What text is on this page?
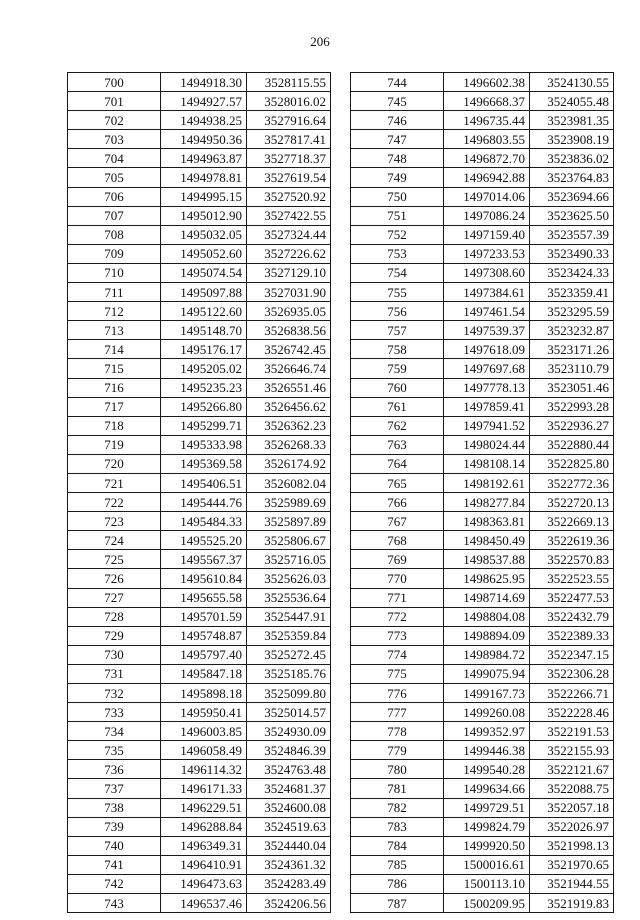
206
700	1494918.30	3528115.55
701	1494927.57	3528016.02
702	1494938.25	3527916.64
703	1494950.36	3527817.41
704	1494963.87	3527718.37
705	1494978.81	3527619.54
706	1494995.15	3527520.92
707	1495012.90	3527422.55
708	1495032.05	3527324.44
709	1495052.60	3527226.62
710	1495074.54	3527129.10
711	1495097.88	3527031.90
712	1495122.60	3526935.05
713	1495148.70	3526838.56
714	1495176.17	3526742.45
715	1495205.02	3526646.74
716	1495235.23	3526551.46
717	1495266.80	3526456.62
718	1495299.71	3526362.23
719	1495333.98	3526268.33
720	1495369.58	3526174.92
721	1495406.51	3526082.04
722	1495444.76	3525989.69
723	1495484.33	3525897.89
724	1495525.20	3525806.67
725	1495567.37	3525716.05
726	1495610.84	3525626.03
727	1495655.58	3525536.64
728	1495701.59	3525447.91
729	1495748.87	3525359.84
730	1495797.40	3525272.45
731	1495847.18	3525185.76
732	1495898.18	3525099.80
733	1495950.41	3525014.57
734	1496003.85	3524930.09
735	1496058.49	3524846.39
736	1496114.32	3524763.48
737	1496171.33	3524681.37
738	1496229.51	3524600.08
739	1496288.84	3524519.63
740	1496349.31	3524440.04
741	1496410.91	3524361.32
742	1496473.63	3524283.49
743	1496537.46	3524206.56
744	1496602.38	3524130.55
745	1496668.37	3524055.48
746	1496735.44	3523981.35
747	1496803.55	3523908.19
748	1496872.70	3523836.02
749	1496942.88	3523764.83
750	1497014.06	3523694.66
751	1497086.24	3523625.50
752	1497159.40	3523557.39
753	1497233.53	3523490.33
754	1497308.60	3523424.33
755	1497384.61	3523359.41
756	1497461.54	3523295.59
757	1497539.37	3523232.87
758	1497618.09	3523171.26
759	1497697.68	3523110.79
760	1497778.13	3523051.46
761	1497859.41	3522993.28
762	1497941.52	3522936.27
763	1498024.44	3522880.44
764	1498108.14	3522825.80
765	1498192.61	3522772.36
766	1498277.84	3522720.13
767	1498363.81	3522669.13
768	1498450.49	3522619.36
769	1498537.88	3522570.83
770	1498625.95	3522523.55
771	1498714.69	3522477.53
772	1498804.08	3522432.79
773	1498894.09	3522389.33
774	1498984.72	3522347.15
775	1499075.94	3522306.28
776	1499167.73	3522266.71
777	1499260.08	3522228.46
778	1499352.97	3522191.53
779	1499446.38	3522155.93
780	1499540.28	3522121.67
781	1499634.66	3522088.75
782	1499729.51	3522057.18
783	1499824.79	3522026.97
784	1499920.50	3521998.13
785	1500016.61	3521970.65
786	1500113.10	3521944.55
787	1500209.95	3521919.83
